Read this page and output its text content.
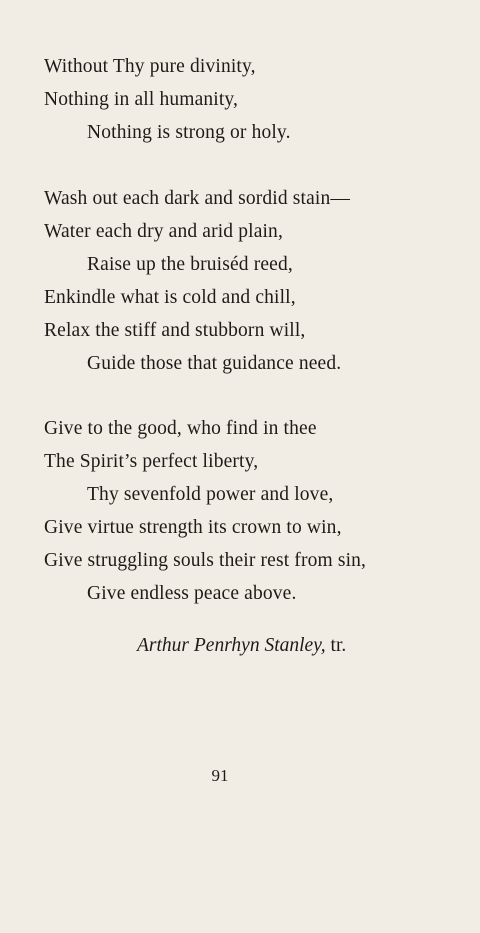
Without Thy pure divinity,
Nothing in all humanity,
Nothing is strong or holy.
Wash out each dark and sordid stain—
Water each dry and arid plain,
Raise up the bruiséd reed,
Enkindle what is cold and chill,
Relax the stiff and stubborn will,
Guide those that guidance need.
Give to the good, who find in thee
The Spirit’s perfect liberty,
Thy sevenfold power and love,
Give virtue strength its crown to win,
Give struggling souls their rest from sin,
Give endless peace above.
Arthur Penrhyn Stanley, tr.
91
